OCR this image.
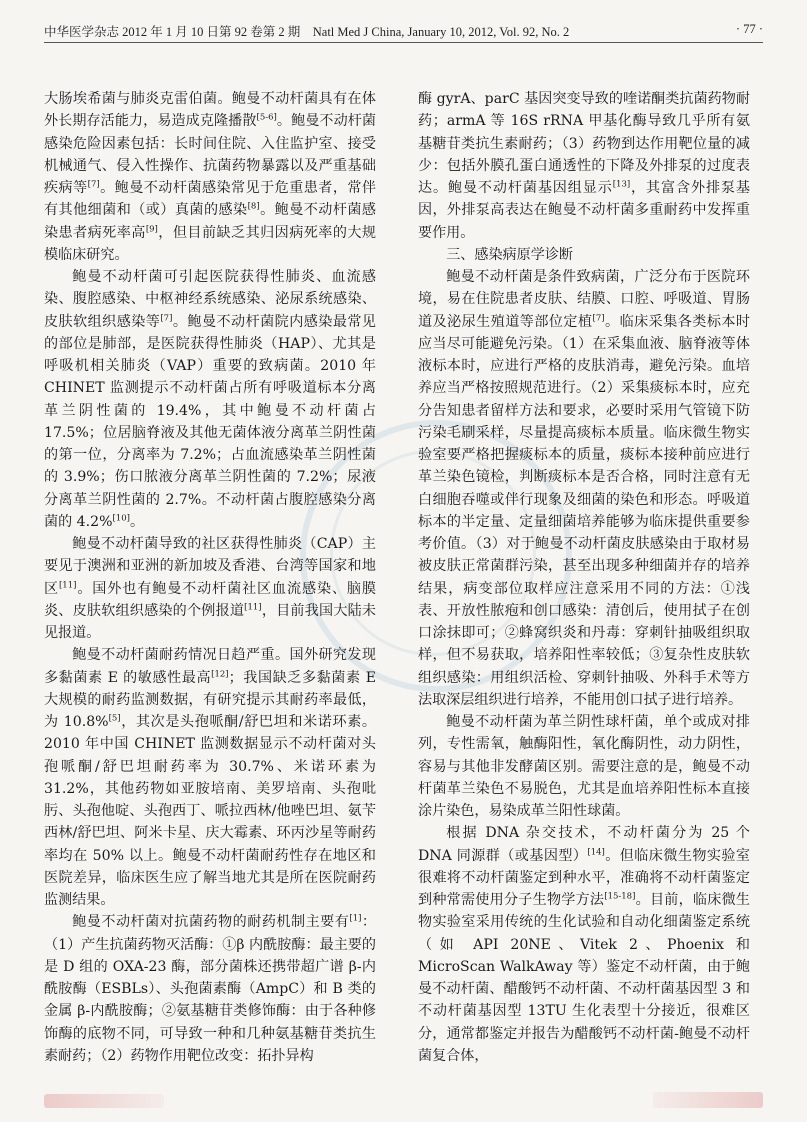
中华医学杂志 2012 年 1 月 10 日第 92 卷第 2 期　Natl Med J China, January 10, 2012, Vol. 92, No. 2	· 77 ·

大肠埃希菌与肺炎克雷伯菌。鲍曼不动杆菌具有在体外长期存活能力，易造成克隆播散[5-6]。鲍曼不动杆菌感染危险因素包括：长时间住院、入住监护室、接受机械通气、侵入性操作、抗菌药物暴露以及严重基础疾病等[7]。鲍曼不动杆菌感染常见于危重患者，常伴有其他细菌和（或）真菌的感染[8]。鲍曼不动杆菌感染患者病死率高[9]，但目前缺乏其归因病死率的大规模临床研究。

鲍曼不动杆菌可引起医院获得性肺炎、血流感染、腹腔感染、中枢神经系统感染、泌尿系统感染、皮肤软组织感染等[7]。鲍曼不动杆菌院内感染最常见的部位是肺部，是医院获得性肺炎（HAP）、尤其是呼吸机相关肺炎（VAP）重要的致病菌。2010 年 CHINET 监测提示不动杆菌占所有呼吸道标本分离革兰阴性菌的 19.4%，其中鲍曼不动杆菌占 17.5%；位居脑脊液及其他无菌体液分离革兰阴性菌的第一位，分离率为 7.2%；占血流感染革兰阴性菌的 3.9%；伤口脓液分离革兰阴性菌的 7.2%；尿液分离革兰阴性菌的 2.7%。不动杆菌占腹腔感染分离菌的 4.2%[10]。

鲍曼不动杆菌导致的社区获得性肺炎（CAP）主要见于澳洲和亚洲的新加坡及香港、台湾等国家和地区[11]。国外也有鲍曼不动杆菌社区血流感染、脑膜炎、皮肤软组织感染的个例报道[11]，目前我国大陆未见报道。

鲍曼不动杆菌耐药情况日趋严重。国外研究发现多黏菌素 E 的敏感性最高[12]；我国缺乏多黏菌素 E 大规模的耐药监测数据，有研究提示其耐药率最低，为 10.8%[5]，其次是头孢哌酮/舒巴坦和米诺环素。2010 年中国 CHINET 监测数据显示不动杆菌对头孢哌酮/舒巴坦耐药率为 30.7%、米诺环素为 31.2%，其他药物如亚胺培南、美罗培南、头孢吡肟、头孢他啶、头孢西丁、哌拉西林/他唑巴坦、氨苄西林/舒巴坦、阿米卡星、庆大霉素、环丙沙星等耐药率均在 50% 以上。鲍曼不动杆菌耐药性存在地区和医院差异，临床医生应了解当地尤其是所在医院耐药监测结果。

鲍曼不动杆菌对抗菌药物的耐药机制主要有[1]：（1）产生抗菌药物灭活酶：①β 内酰胺酶：最主要的是 D 组的 OXA-23 酶，部分菌株还携带超广谱 β-内酰胺酶（ESBLs）、头孢菌素酶（AmpC）和 B 类的金属 β-内酰胺酶；②氨基糖苷类修饰酶：由于各种修饰酶的底物不同，可导致一种和几种氨基糖苷类抗生素耐药；（2）药物作用靶位改变：拓扑异构

酶 gyrA、parC 基因突变导致的喹诺酮类抗菌药物耐药；armA 等 16S rRNA 甲基化酶导致几乎所有氨基糖苷类抗生素耐药；（3）药物到达作用靶位量的减少：包括外膜孔蛋白通透性的下降及外排泵的过度表达。鲍曼不动杆菌基因组显示[13]，其富含外排泵基因，外排泵高表达在鲍曼不动杆菌多重耐药中发挥重要作用。

三、感染病原学诊断

鲍曼不动杆菌是条件致病菌，广泛分布于医院环境，易在住院患者皮肤、结膜、口腔、呼吸道、胃肠道及泌尿生殖道等部位定植[7]。临床采集各类标本时应当尽可能避免污染。（1）在采集血液、脑脊液等体液标本时，应进行严格的皮肤消毒，避免污染。血培养应当严格按照规范进行。（2）采集痰标本时，应充分告知患者留样方法和要求，必要时采用气管镜下防污染毛刷采样，尽量提高痰标本质量。临床微生物实验室要严格把握痰标本的质量，痰标本接种前应进行革兰染色镜检，判断痰标本是否合格，同时注意有无白细胞吞噬或伴行现象及细菌的染色和形态。呼吸道标本的半定量、定量细菌培养能够为临床提供重要参考价值。（3）对于鲍曼不动杆菌皮肤感染由于取材易被皮肤正常菌群污染，甚至出现多种细菌并存的培养结果，病变部位取样应注意采用不同的方法：①浅表、开放性脓疱和创口感染：清创后，使用拭子在创口涂抹即可；②蜂窝织炎和丹毒：穿刺针抽吸组织取样，但不易获取，培养阳性率较低；③复杂性皮肤软组织感染：用组织活检、穿刺针抽吸、外科手术等方法取深层组织进行培养，不能用创口拭子进行培养。

鲍曼不动杆菌为革兰阴性球杆菌，单个或成对排列，专性需氧，触酶阳性，氧化酶阴性，动力阴性，容易与其他非发酵菌区别。需要注意的是，鲍曼不动杆菌革兰染色不易脱色，尤其是血培养阳性标本直接涂片染色，易染成革兰阳性球菌。

根据 DNA 杂交技术，不动杆菌分为 25 个 DNA 同源群（或基因型）[14]。但临床微生物实验室很难将不动杆菌鉴定到种水平，准确将不动杆菌鉴定到种常需使用分子生物学方法[15-18]。目前，临床微生物实验室采用传统的生化试验和自动化细菌鉴定系统（如 API 20NE、Vitek 2、Phoenix 和 MicroScan WalkAway 等）鉴定不动杆菌，由于鲍曼不动杆菌、醋酸钙不动杆菌、不动杆菌基因型 3 和不动杆菌基因型 13TU 生化表型十分接近，很难区分，通常都鉴定并报告为醋酸钙不动杆菌-鲍曼不动杆菌复合体，
